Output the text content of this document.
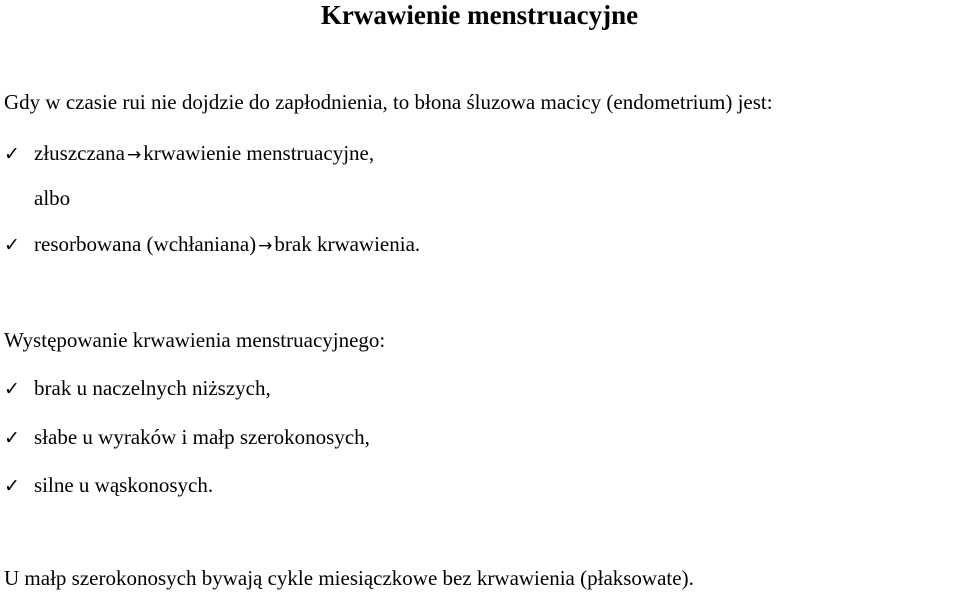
Krwawienie menstruacyjne
Gdy w czasie rui nie dojdzie do zapłodnienia, to błona śluzowa macicy (endometrium) jest:
✓ złuszczana →krwawienie menstruacyjne,
albo
✓ resorbowana (wchłaniana) →brak krwawienia.
Występowanie krwawienia menstruacyjnego:
✓ brak u naczelnych niższych,
✓ słabe u wyraków i małp szerokonosych,
✓ silne u wąskonosych.
U małp szerokonosych bywają cykle miesiączkowe bez krwawienia (płaksowate).
